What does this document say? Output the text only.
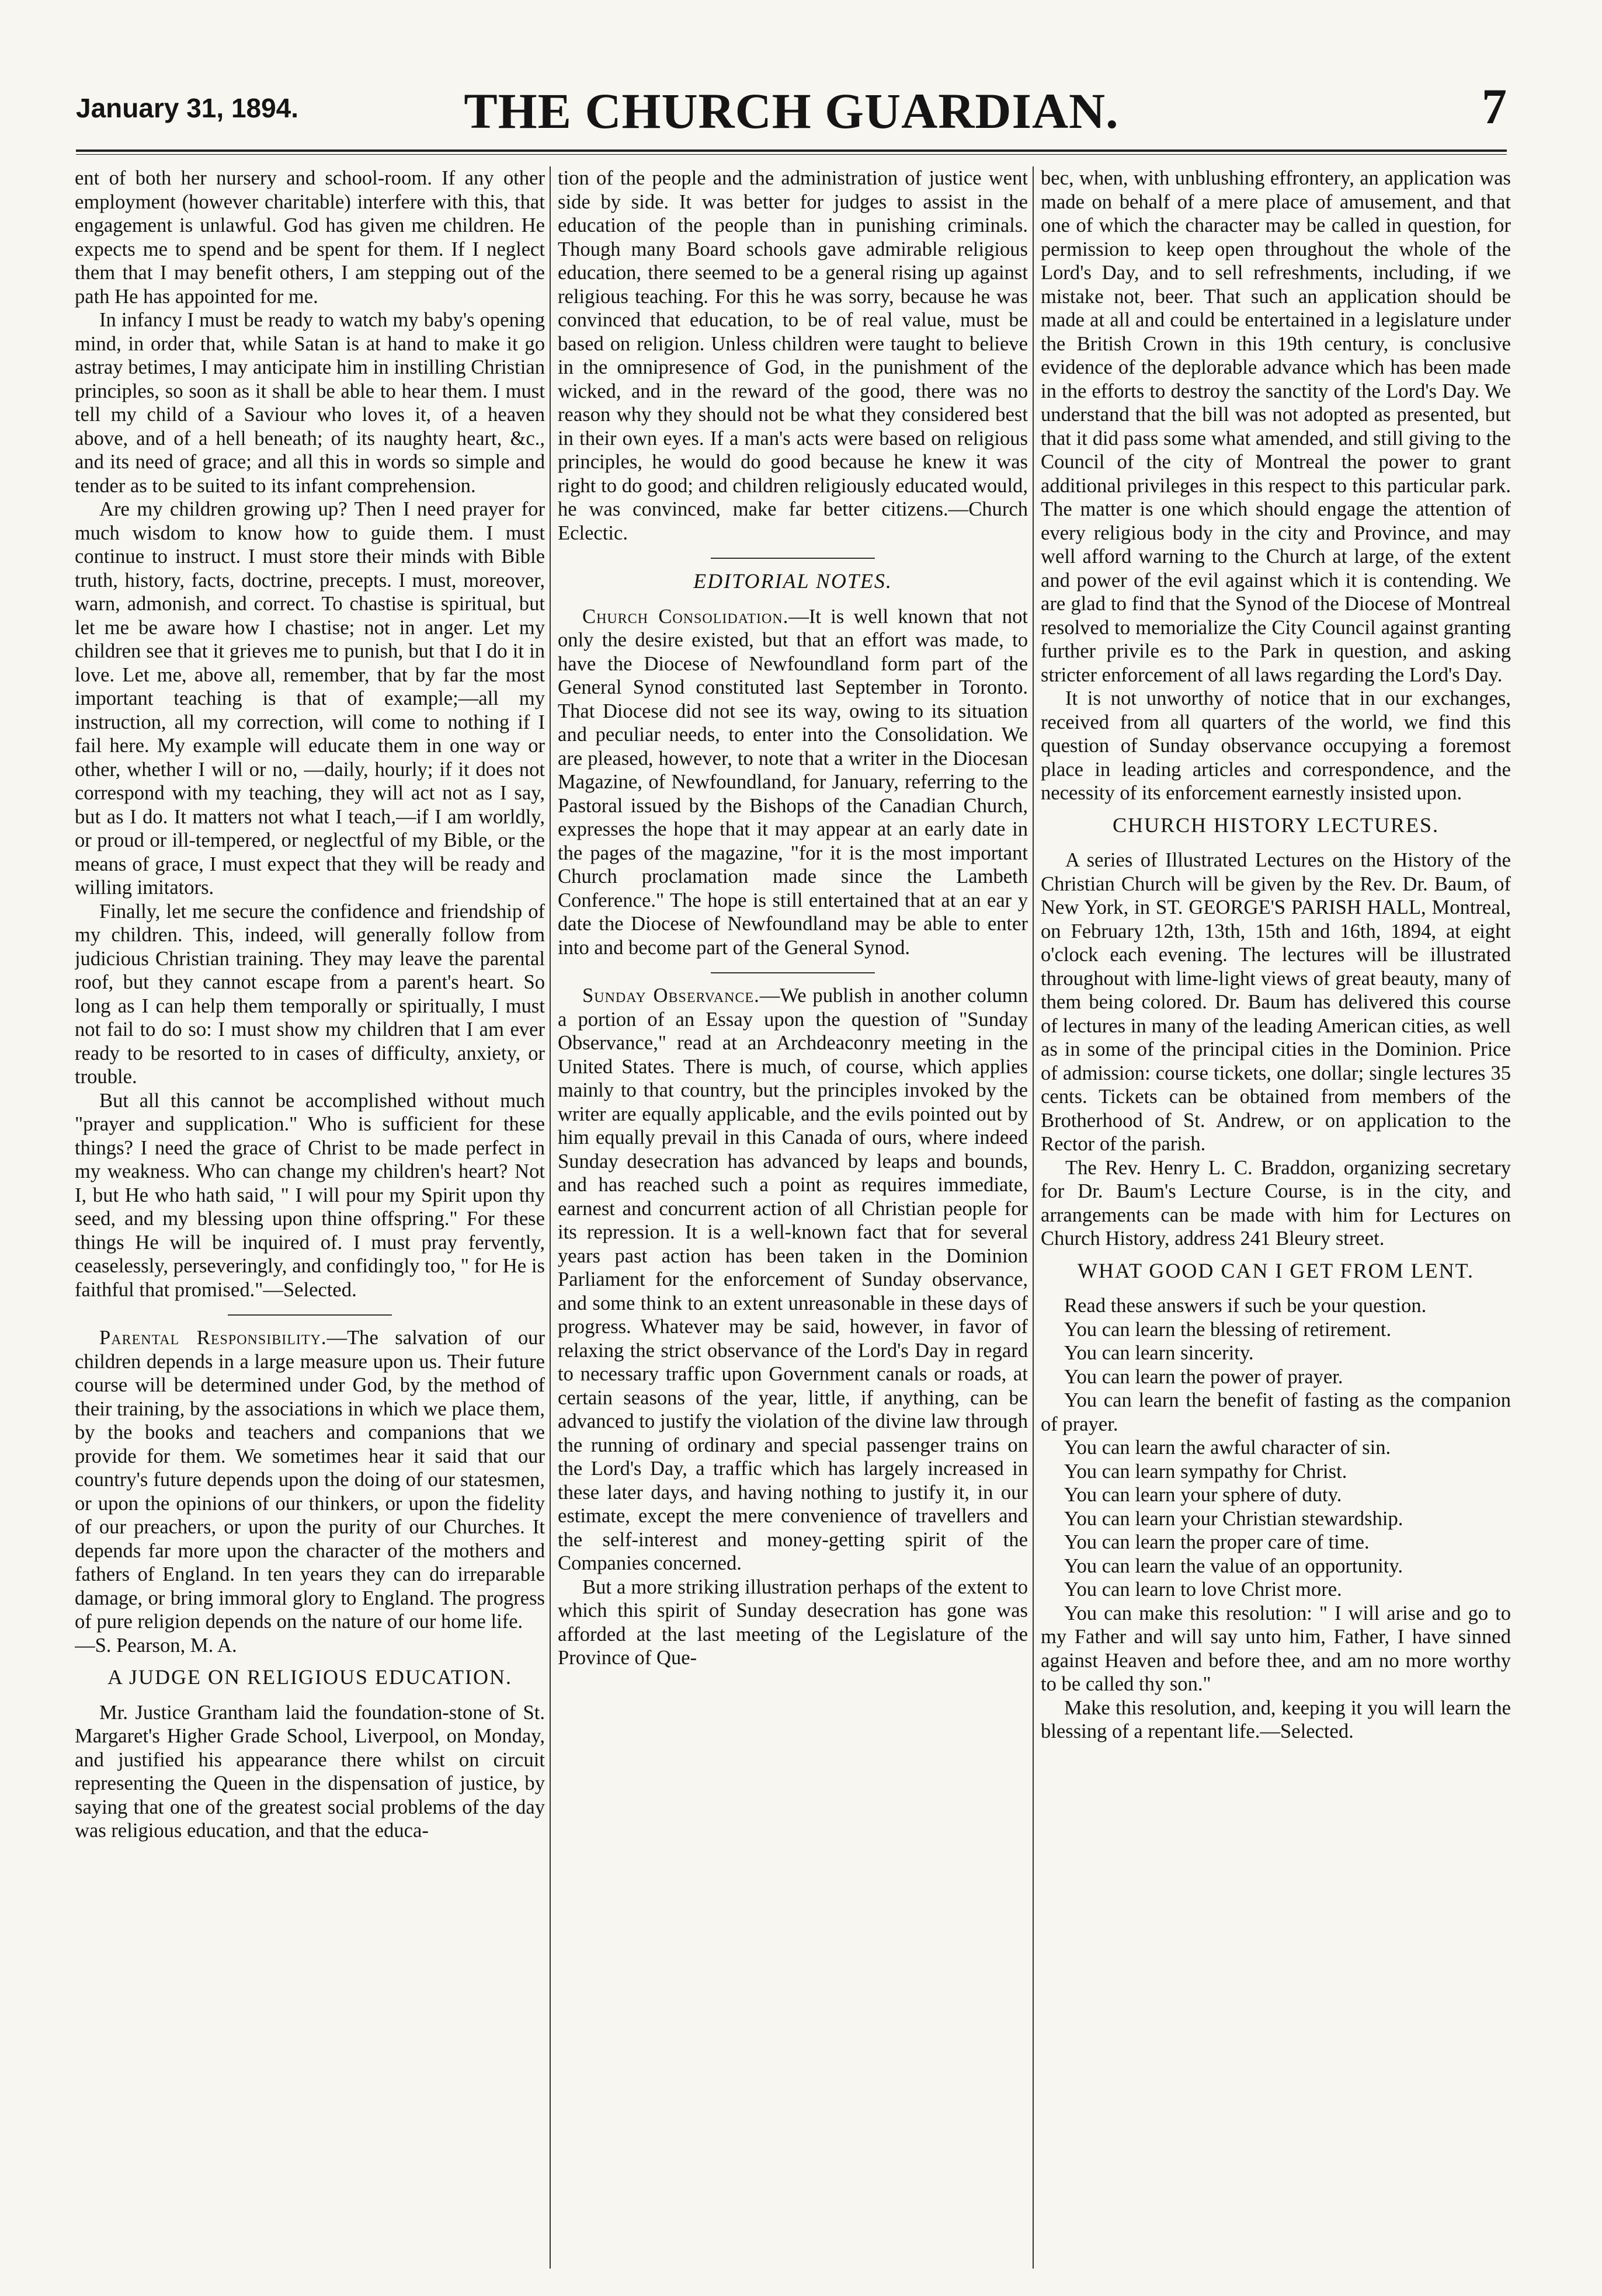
January 31, 1894.	THE CHURCH GUARDIAN.	7

ent of both her nursery and school-room. If any other employment (however charitable) interfere with this, that engagement is unlawful. God has given me children. He expects me to spend and be spent for them. If I neglect them that I may benefit others, I am stepping out of the path He has appointed for me.

In infancy I must be ready to watch my baby's opening mind, in order that, while Satan is at hand to make it go astray betimes, I may anticipate him in instilling Christian principles, so soon as it shall be able to hear them. I must tell my child of a Saviour who loves it, of a heaven above, and of a hell beneath; of its naughty heart, &c., and its need of grace; and all this in words so simple and tender as to be suited to its infant comprehension.

Are my children growing up? Then I need prayer for much wisdom to know how to guide them. I must continue to instruct. I must store their minds with Bible truth, history, facts, doctrine, precepts. I must, moreover, warn, admonish, and correct. To chastise is spiritual, but let me be aware how I chastise; not in anger. Let my children see that it grieves me to punish, but that I do it in love. Let me, above all, remember, that by far the most important teaching is that of example;—all my instruction, all my correction, will come to nothing if I fail here. My example will educate them in one way or other, whether I will or no, —daily, hourly; if it does not correspond with my teaching, they will act not as I say, but as I do. It matters not what I teach,—if I am worldly, or proud or ill-tempered, or neglectful of my Bible, or the means of grace, I must expect that they will be ready and willing imitators.

Finally, let me secure the confidence and friendship of my children. This, indeed, will generally follow from judicious Christian training. They may leave the parental roof, but they cannot escape from a parent's heart. So long as I can help them temporally or spiritually, I must not fail to do so: I must show my children that I am ever ready to be resorted to in cases of difficulty, anxiety, or trouble.

But all this cannot be accomplished without much "prayer and supplication." Who is sufficient for these things? I need the grace of Christ to be made perfect in my weakness. Who can change my children's heart? Not I, but He who hath said, " I will pour my Spirit upon thy seed, and my blessing upon thine offspring." For these things He will be inquired of. I must pray fervently, ceaselessly, perseveringly, and confidingly too, " for He is faithful that promised."—Selected.

Parental Responsibility.—The salvation of our children depends in a large measure upon us. Their future course will be determined under God, by the method of their training, by the associations in which we place them, by the books and teachers and companions that we provide for them. We sometimes hear it said that our country's future depends upon the doing of our statesmen, or upon the opinions of our thinkers, or upon the fidelity of our preachers, or upon the purity of our Churches. It depends far more upon the character of the mothers and fathers of England. In ten years they can do irreparable damage, or bring immoral glory to England. The progress of pure religion depends on the nature of our home life.

—S. Pearson, M. A.

A JUDGE ON RELIGIOUS EDUCATION.

Mr. Justice Grantham laid the foundation-stone of St. Margaret's Higher Grade School, Liverpool, on Monday, and justified his appearance there whilst on circuit representing the Queen in the dispensation of justice, by saying that one of the greatest social problems of the day was religious education, and that the educa-

tion of the people and the administration of justice went side by side. It was better for judges to assist in the education of the people than in punishing criminals. Though many Board schools gave admirable religious education, there seemed to be a general rising up against religious teaching. For this he was sorry, because he was convinced that education, to be of real value, must be based on religion. Unless children were taught to believe in the omnipresence of God, in the punishment of the wicked, and in the reward of the good, there was no reason why they should not be what they considered best in their own eyes. If a man's acts were based on religious principles, he would do good because he knew it was right to do good; and children religiously educated would, he was convinced, make far better citizens.—Church Eclectic.

EDITORIAL NOTES.

Church Consolidation.—It is well known that not only the desire existed, but that an effort was made, to have the Diocese of Newfoundland form part of the General Synod constituted last September in Toronto. That Diocese did not see its way, owing to its situation and peculiar needs, to enter into the Consolidation. We are pleased, however, to note that a writer in the Diocesan Magazine, of Newfoundland, for January, referring to the Pastoral issued by the Bishops of the Canadian Church, expresses the hope that it may appear at an early date in the pages of the magazine, "for it is the most important Church proclamation made since the Lambeth Conference." The hope is still entertained that at an ear y date the Diocese of Newfoundland may be able to enter into and become part of the General Synod.

Sunday Observance.—We publish in another column a portion of an Essay upon the question of "Sunday Observance," read at an Archdeaconry meeting in the United States. There is much, of course, which applies mainly to that country, but the principles invoked by the writer are equally applicable, and the evils pointed out by him equally prevail in this Canada of ours, where indeed Sunday desecration has advanced by leaps and bounds, and has reached such a point as requires immediate, earnest and concurrent action of all Christian people for its repression. It is a well-known fact that for several years past action has been taken in the Dominion Parliament for the enforcement of Sunday observance, and some think to an extent unreasonable in these days of progress. Whatever may be said, however, in favor of relaxing the strict observance of the Lord's Day in regard to necessary traffic upon Government canals or roads, at certain seasons of the year, little, if anything, can be advanced to justify the violation of the divine law through the running of ordinary and special passenger trains on the Lord's Day, a traffic which has largely increased in these later days, and having nothing to justify it, in our estimate, except the mere convenience of travellers and the self-interest and money-getting spirit of the Companies concerned.

But a more striking illustration perhaps of the extent to which this spirit of Sunday desecration has gone was afforded at the last meeting of the Legislature of the Province of Que-

bec, when, with unblushing effrontery, an application was made on behalf of a mere place of amusement, and that one of which the character may be called in question, for permission to keep open throughout the whole of the Lord's Day, and to sell refreshments, including, if we mistake not, beer. That such an application should be made at all and could be entertained in a legislature under the British Crown in this 19th century, is conclusive evidence of the deplorable advance which has been made in the efforts to destroy the sanctity of the Lord's Day. We understand that the bill was not adopted as presented, but that it did pass some what amended, and still giving to the Council of the city of Montreal the power to grant additional privileges in this respect to this particular park. The matter is one which should engage the attention of every religious body in the city and Province, and may well afford warning to the Church at large, of the extent and power of the evil against which it is contending. We are glad to find that the Synod of the Diocese of Montreal resolved to memorialize the City Council against granting further privile es to the Park in question, and asking stricter enforcement of all laws regarding the Lord's Day.

It is not unworthy of notice that in our exchanges, received from all quarters of the world, we find this question of Sunday observance occupying a foremost place in leading articles and correspondence, and the necessity of its enforcement earnestly insisted upon.

CHURCH HISTORY LECTURES.

A series of Illustrated Lectures on the History of the Christian Church will be given by the Rev. Dr. Baum, of New York, in ST. GEORGE'S PARISH HALL, Montreal, on February 12th, 13th, 15th and 16th, 1894, at eight o'clock each evening. The lectures will be illustrated throughout with lime-light views of great beauty, many of them being colored. Dr. Baum has delivered this course of lectures in many of the leading American cities, as well as in some of the principal cities in the Dominion. Price of admission: course tickets, one dollar; single lectures 35 cents. Tickets can be obtained from members of the Brotherhood of St. Andrew, or on application to the Rector of the parish.

The Rev. Henry L. C. Braddon, organizing secretary for Dr. Baum's Lecture Course, is in the city, and arrangements can be made with him for Lectures on Church History, address 241 Bleury street.

WHAT GOOD CAN I GET FROM LENT.

Read these answers if such be your question.

You can learn the blessing of retirement.

You can learn sincerity.

You can learn the power of prayer.

You can learn the benefit of fasting as the companion of prayer.

You can learn the awful character of sin.

You can learn sympathy for Christ.

You can learn your sphere of duty.

You can learn your Christian stewardship.

You can learn the proper care of time.

You can learn the value of an opportunity.

You can learn to love Christ more.

You can make this resolution: " I will arise and go to my Father and will say unto him, Father, I have sinned against Heaven and before thee, and am no more worthy to be called thy son."

Make this resolution, and, keeping it you will learn the blessing of a repentant life.—Selected.
